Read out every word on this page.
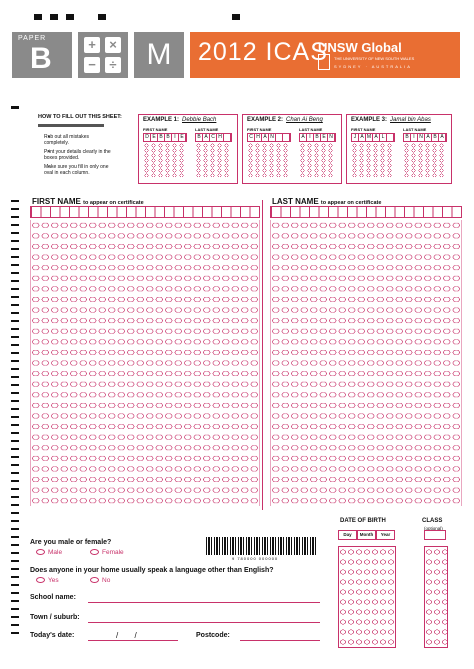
PAPER
B	+	×
−	÷ M	2012 ICAS
UNSW Global
THE UNIVERSITY OF NEW SOUTH WALES
SYDNEY · AUSTRALIA
HOW TO FILL OUT THIS SHEET:
• Rub out all mistakes completely.
• Print your details clearly in the boxes provided.
• Make sure you fill in only one oval in each column.
EXAMPLE 1: Debbie Bach
FIRST NAME	LAST NAME
D E B B I E	B A C H
EXAMPLE 2: Chan Ai Beng
FIRST NAME	LAST NAME
C H A N	A I B E N
EXAMPLE 3: Jamal bin Abas
FIRST NAME	LAST NAME
J A M A L	B I N A B A
FIRST NAME to appear on certificate	LAST NAME to appear on certificate
Are you male or female?
Male	Female
Does anyone in your home usually speak a language other than English?
Yes	No
School name:
Town / suburb:
Today's date:	/ /	Postcode:
9 780000 000000
DATE OF BIRTH
Day	Month	Year
CLASS
(optional)
